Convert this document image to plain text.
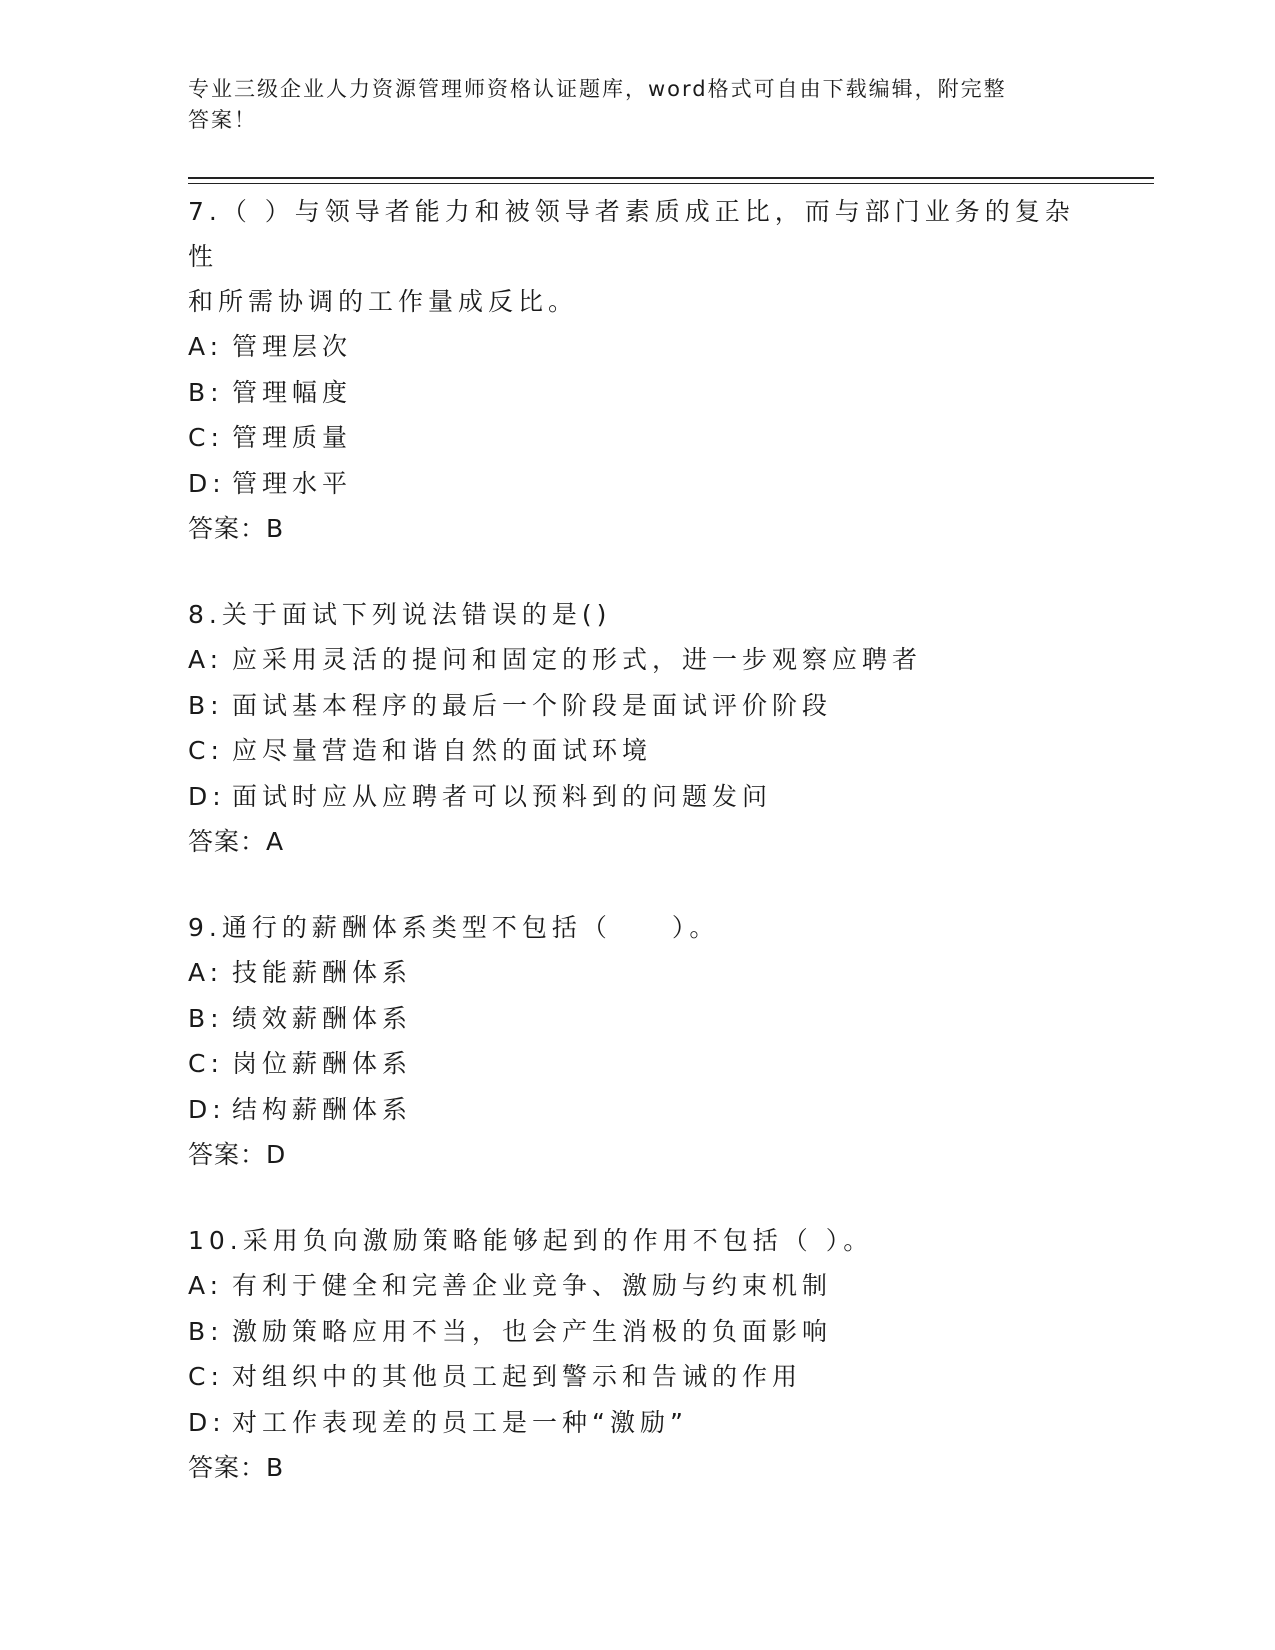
专业三级企业人力资源管理师资格认证题库，word格式可自由下载编辑，附完整
答案！

7.（ ）与领导者能力和被领导者素质成正比，而与部门业务的复杂性

和所需协调的工作量成反比。

A: 管理层次

B: 管理幅度

C: 管理质量

D: 管理水平

答案：B

8.关于面试下列说法错误的是()

A: 应采用灵活的提问和固定的形式，进一步观察应聘者

B: 面试基本程序的最后一个阶段是面试评价阶段

C: 应尽量营造和谐自然的面试环境

D: 面试时应从应聘者可以预料到的问题发问

答案：A

9.通行的薪酬体系类型不包括（　　）。

A: 技能薪酬体系

B: 绩效薪酬体系

C: 岗位薪酬体系

D: 结构薪酬体系

答案：D

10.采用负向激励策略能够起到的作用不包括（ ）。

A: 有利于健全和完善企业竞争、激励与约束机制

B: 激励策略应用不当，也会产生消极的负面影响

C: 对组织中的其他员工起到警示和告诫的作用

D: 对工作表现差的员工是一种“激励”

答案：B
